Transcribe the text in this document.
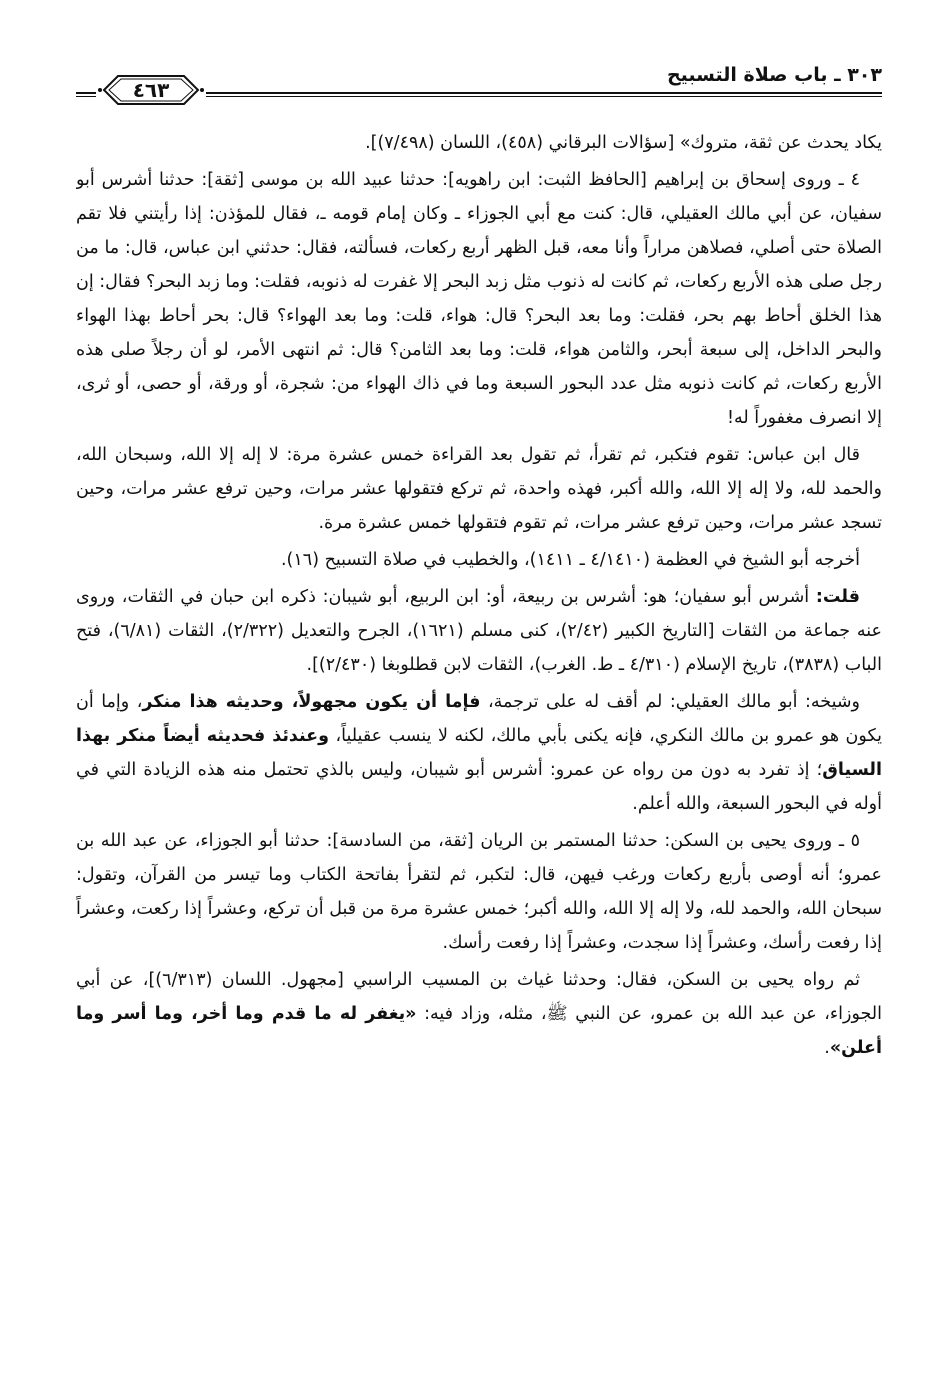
٣٠٣ ـ باب صلاة التسبيح
٤٦٣

يكاد يحدث عن ثقة، متروك» [سؤالات البرقاني (٤٥٨)، اللسان (٧/٤٩٨)].

٤ ـ وروى إسحاق بن إبراهيم [الحافظ الثبت: ابن راهويه]: حدثنا عبيد الله بن موسى [ثقة]: حدثنا أشرس أبو سفيان، عن أبي مالك العقيلي، قال: كنت مع أبي الجوزاء ـ وكان إمام قومه ـ، فقال للمؤذن: إذا رأيتني فلا تقم الصلاة حتى أصلي، فصلاهن مراراً وأنا معه، قبل الظهر أربع ركعات، فسألته، فقال: حدثني ابن عباس، قال: ما من رجل صلى هذه الأربع ركعات، ثم كانت له ذنوب مثل زبد البحر إلا غفرت له ذنوبه، فقلت: وما زبد البحر؟ فقال: إن هذا الخلق أحاط بهم بحر، فقلت: وما بعد البحر؟ قال: هواء، قلت: وما بعد الهواء؟ قال: بحر أحاط بهذا الهواء والبحر الداخل، إلى سبعة أبحر، والثامن هواء، قلت: وما بعد الثامن؟ قال: ثم انتهى الأمر، لو أن رجلاً صلى هذه الأربع ركعات، ثم كانت ذنوبه مثل عدد البحور السبعة وما في ذاك الهواء من: شجرة، أو ورقة، أو حصى، أو ثرى، إلا انصرف مغفوراً له!

قال ابن عباس: تقوم فتكبر، ثم تقرأ، ثم تقول بعد القراءة خمس عشرة مرة: لا إله إلا الله، وسبحان الله، والحمد لله، ولا إله إلا الله، والله أكبر، فهذه واحدة، ثم تركع فتقولها عشر مرات، وحين ترفع عشر مرات، وحين تسجد عشر مرات، وحين ترفع عشر مرات، ثم تقوم فتقولها خمس عشرة مرة.

أخرجه أبو الشيخ في العظمة (٤/١٤١٠ ـ ١٤١١)، والخطيب في صلاة التسبيح (١٦).

قلت: أشرس أبو سفيان؛ هو: أشرس بن ربيعة، أو: ابن الربيع، أبو شيبان: ذكره ابن حبان في الثقات، وروى عنه جماعة من الثقات [التاريخ الكبير (٢/٤٢)، كنى مسلم (١٦٢١)، الجرح والتعديل (٢/٣٢٢)، الثقات (٦/٨١)، فتح الباب (٣٨٣٨)، تاريخ الإسلام (٤/٣١٠ ـ ط. الغرب)، الثقات لابن قطلوبغا (٢/٤٣٠)].

وشيخه: أبو مالك العقيلي: لم أقف له على ترجمة، فإما أن يكون مجهولاً، وحديثه هذا منكر، وإما أن يكون هو عمرو بن مالك النكري، فإنه يكنى بأبي مالك، لكنه لا ينسب عقيلياً، وعندئذ فحديثه أيضاً منكر بهذا السياق؛ إذ تفرد به دون من رواه عن عمرو: أشرس أبو شيبان، وليس بالذي تحتمل منه هذه الزيادة التي في أوله في البحور السبعة، والله أعلم.

٥ ـ وروى يحيى بن السكن: حدثنا المستمر بن الريان [ثقة، من السادسة]: حدثنا أبو الجوزاء، عن عبد الله بن عمرو؛ أنه أوصى بأربع ركعات ورغب فيهن، قال: لتكبر، ثم لتقرأ بفاتحة الكتاب وما تيسر من القرآن، وتقول: سبحان الله، والحمد لله، ولا إله إلا الله، والله أكبر؛ خمس عشرة مرة من قبل أن تركع، وعشراً إذا ركعت، وعشراً إذا رفعت رأسك، وعشراً إذا سجدت، وعشراً إذا رفعت رأسك.

ثم رواه يحيى بن السكن، فقال: وحدثنا غياث بن المسيب الراسبي [مجهول. اللسان (٦/٣١٣)]، عن أبي الجوزاء، عن عبد الله بن عمرو، عن النبي ﷺ، مثله، وزاد فيه: «يغفر له ما قدم وما أخر، وما أسر وما أعلن».
